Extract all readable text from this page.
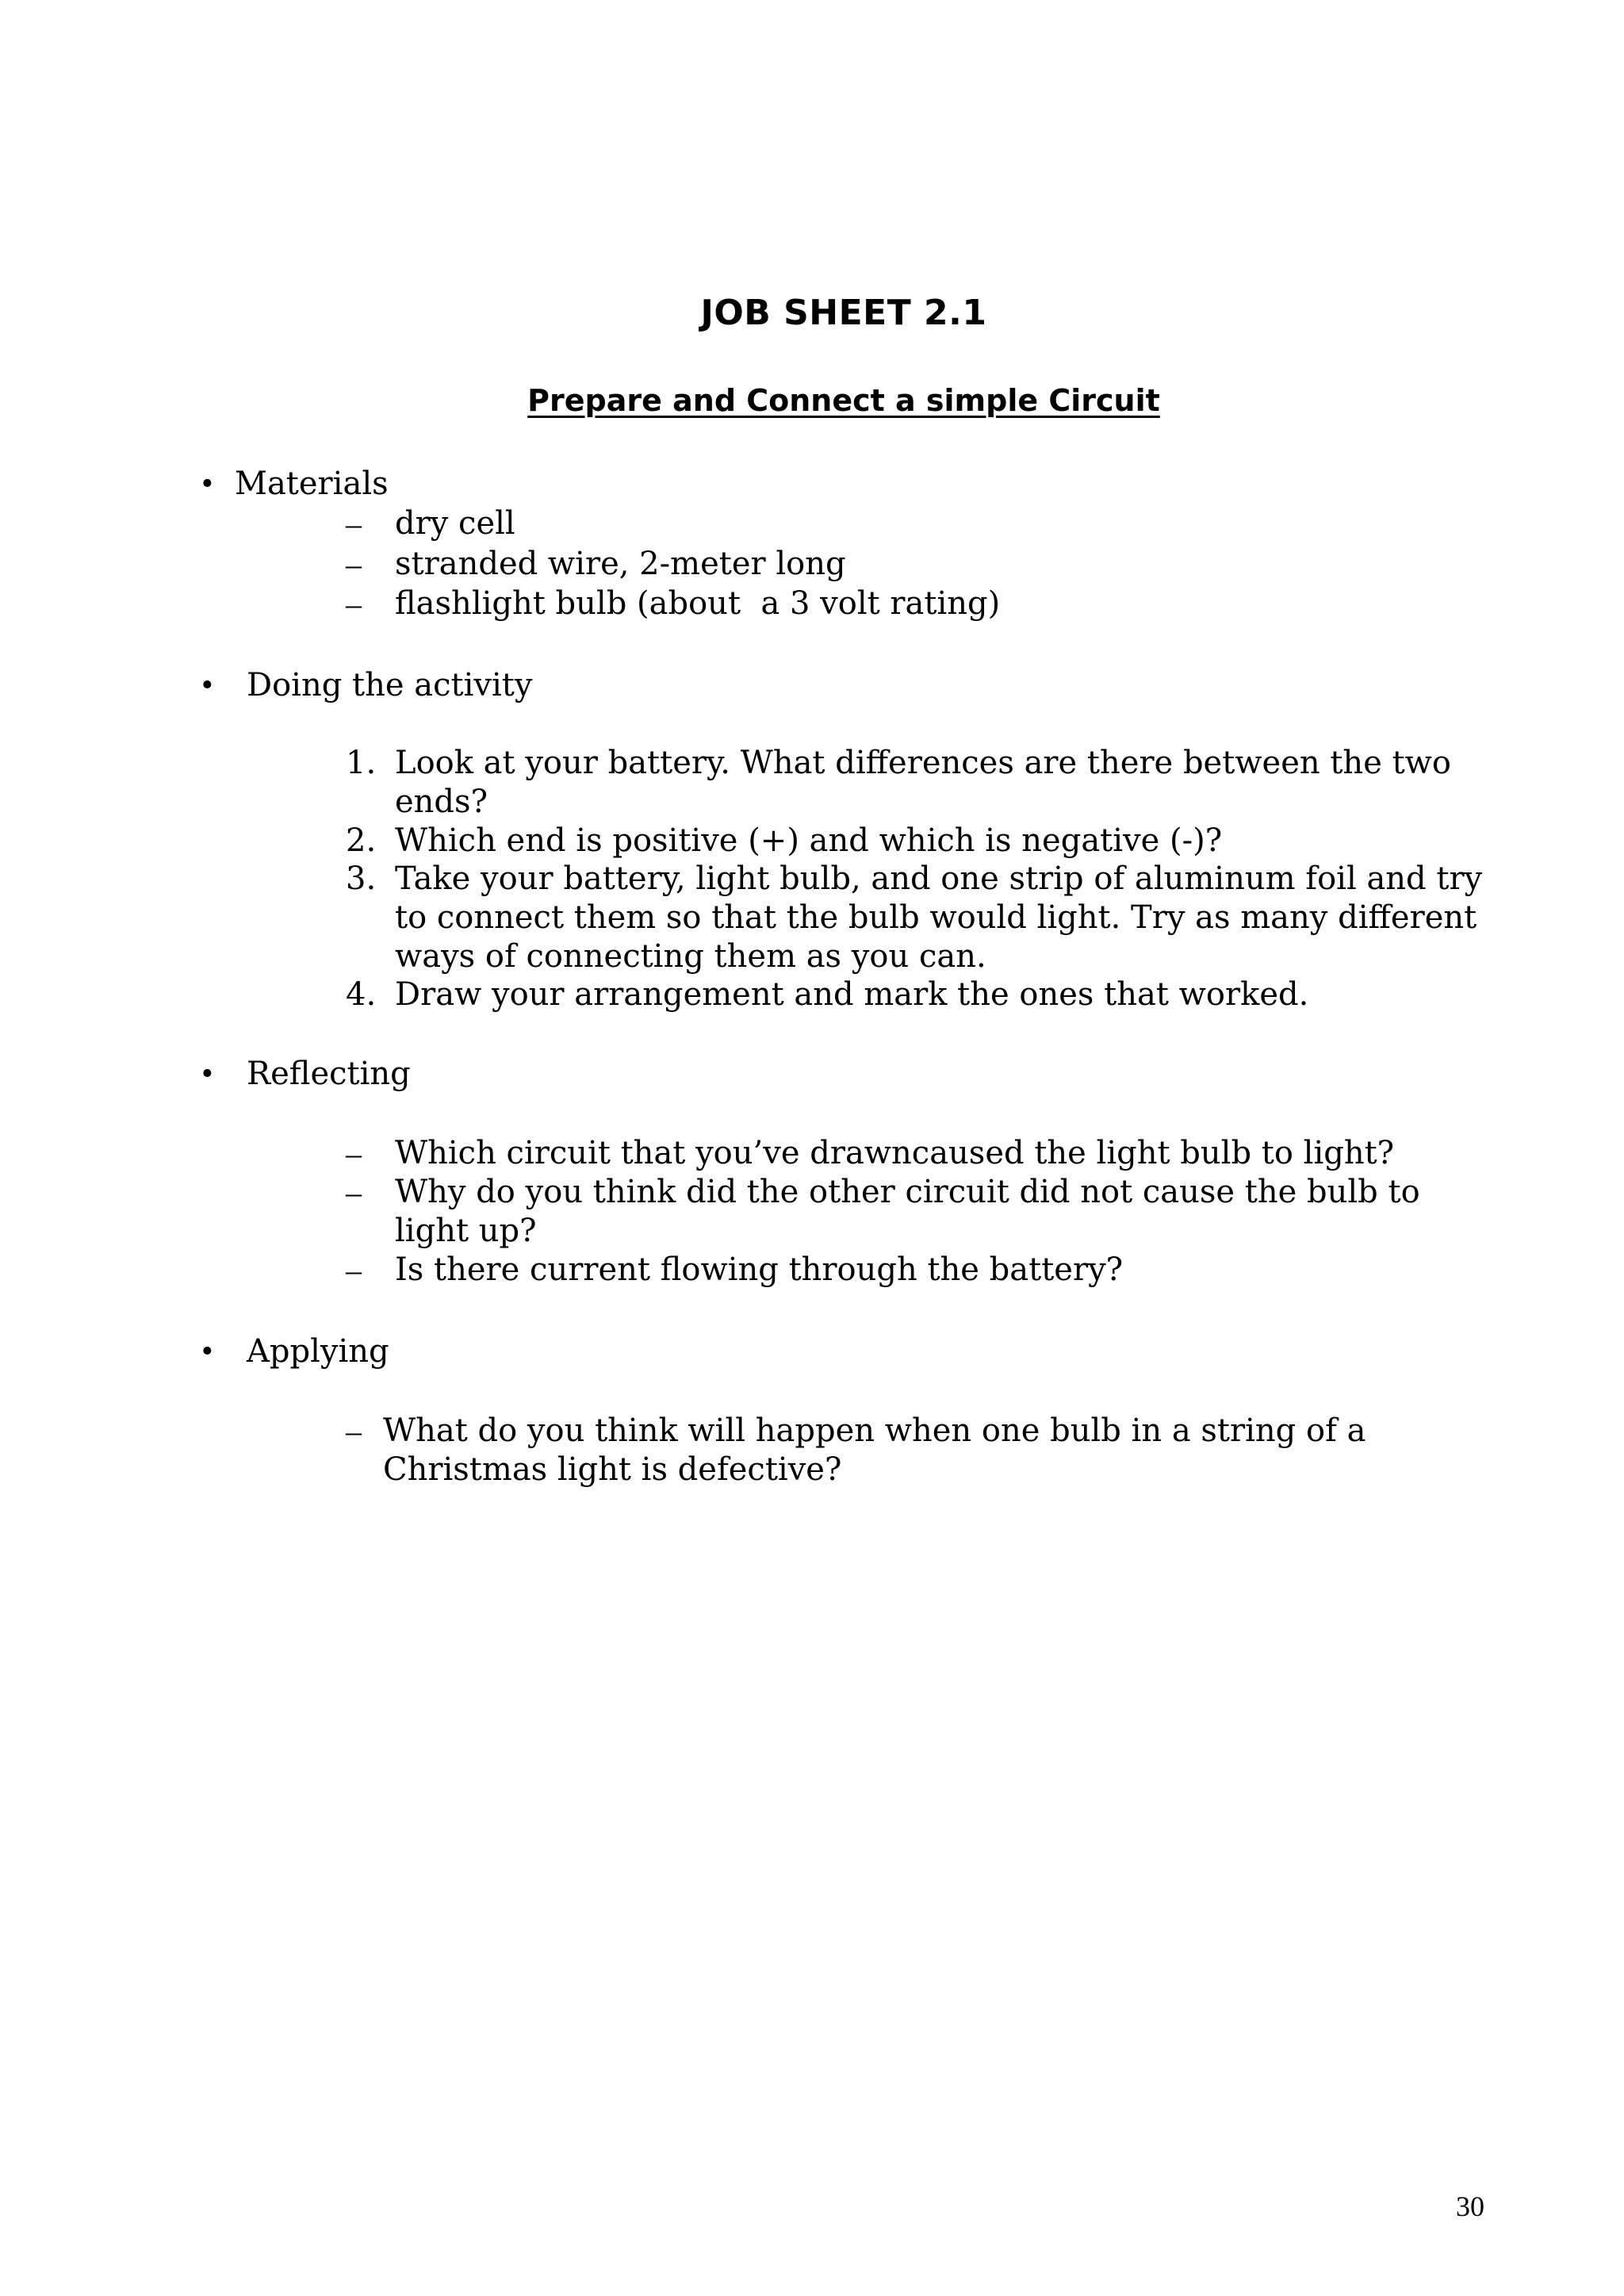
JOB SHEET 2.1
Prepare and Connect a simple Circuit
• Materials
– dry cell
– stranded wire, 2-meter long
– flashlight bulb (about  a 3 volt rating)
•	Doing the activity
1. Look at your battery. What differences are there between the two ends?
2. Which end is positive (+) and which is negative (-)?
3. Take your battery, light bulb, and one strip of aluminum foil and try to connect them so that the bulb would light. Try as many different ways of connecting them as you can.
4. Draw your arrangement and mark the ones that worked.
•	Reflecting
– Which circuit that you’ve drawncaused the light bulb to light?
– Why do you think did the other circuit did not cause the bulb to light up?
– Is there current flowing through the battery?
•	Applying
– What do you think will happen when one bulb in a string of a Christmas light is defective?
30
